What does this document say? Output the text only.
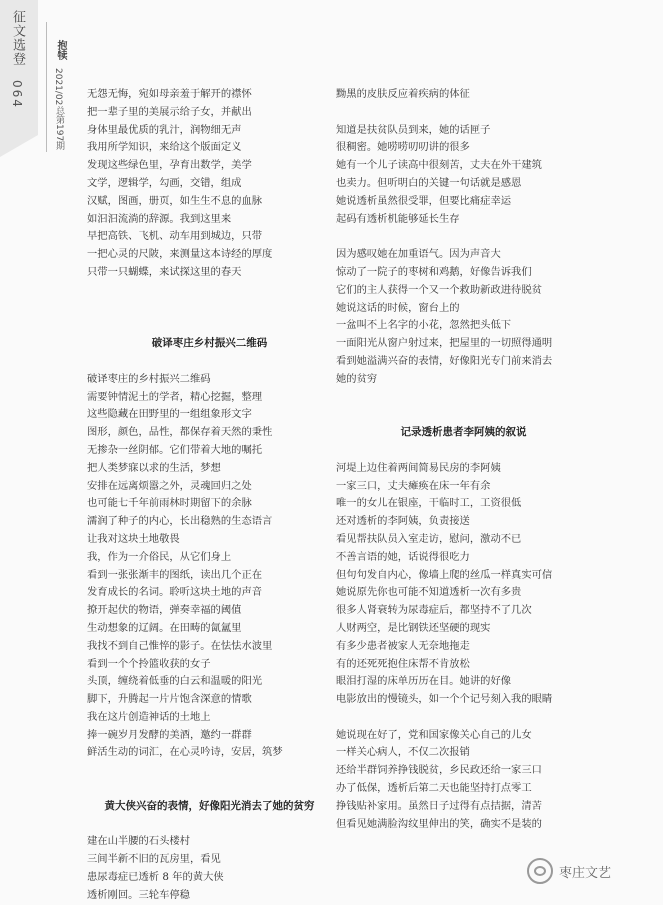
征文选登
064
抱犊
2021/02
总第197期

无怨无悔，宛如母亲羞于解开的襟怀

把一辈子里的美展示给子女，并献出

身体里最优质的乳汁，润物细无声

我用所学知识，来给这个版面定义

发现这些绿色里，孕育出数学，美学

文学，逻辑学，勾画，交错，组成

汉赋，图画，册页，如生生不息的血脉

如汩汩流淌的辞源。我到这里来

早把高铁、飞机、动车用到城边，只带

一把心灵的尺陂，来测量这本诗经的厚度

只带一只蝴蝶，来试探这里的春天

破译枣庄乡村振兴二维码

破译枣庄的乡村振兴二维码

需要钟情泥土的学者，精心挖掘，整理

这些隐藏在田野里的一组组象形文字

图形，颜色，品性，都保存着天然的秉性

无掺杂一丝阴郁。它们带着大地的嘱托

把人类梦寐以求的生活，梦想

安排在远离烦嚣之外，灵魂回归之处

也可能七千年前雨林时期留下的余脉

濡润了种子的内心，长出稳熟的生态语言

让我对这块土地敬畏

我，作为一介俗民，从它们身上

看到一张张渐丰的图纸，读出几个正在

发育成长的名词。聆听这块土地的声音

撩开起伏的物语，弹奏幸福的阈值

生动想象的辽阔。在田畴的氤氲里

我找不到自己惟悴的影子。在怯怯水波里

看到一个个拎篮收获的女子

头顶，缠绕着低垂的白云和温暖的阳光

脚下，升腾起一片片饱含深意的情歌

我在这片创造神话的土地上

捧一碗岁月发酵的美酒，邀约一群群

鲜活生动的词汇，在心灵吟诗，安居，筑梦

黄大侠兴奋的表情，好像阳光消去了她的贫穷

建在山半腰的石头楼村

三间半新不旧的瓦房里，看见

患尿毒症已透析 8 年的黄大侠

透析刚回。三轮车停稳

黝黑的皮肤反应着疾病的体征

知道是扶贫队员到来，她的话匣子

很稠密。她唠唠叨叨讲的很多

她有一个儿子读高中很刻苦，丈夫在外干建筑

也卖力。但听明白的关键一句话就是感恩

她说透析虽然很受罪，但要比痛症幸运

起码有透析机能够延长生存

因为感叹她在加重语气。因为声音大

惊动了一院子的枣树和鸡鹅，好像告诉我们

它们的主人获得一个又一个救助新政进待脱贫

她说这话的时候，窗台上的

一盆叫不上名字的小花，忽然把头低下

一面阳光从窗户射过来，把屋里的一切照得通明

看到她溢满兴奋的表情，好像阳光专门前来消去

她的贫穷

记录透析患者李阿姨的叙说

河堤上边住着两间简易民房的李阿姨

一家三口，丈夫瘫痪在床一年有余

唯一的女儿在银座，干临时工，工资很低

还对透析的李阿姨，负责接送

看见帮扶队员入室走访，慰问，激动不已

不善言语的她，话说得很吃力

但句句发自内心，像墙上爬的丝瓜一样真实可信

她说原先你也可能不知道透析一次有多贵

很多人肾衰转为尿毒症后，都坚持不了几次

人财两空，是比钢铁还坚硬的现实

有多少患者被家人无奈地拖走

有的还死死抱住床帮不肯放松

眼泪打湿的床单历历在目。她讲的好像

电影放出的慢镜头，如一个个记号刻入我的眼睛

她说现在好了，党和国家像关心自己的儿女

一样关心病人，不仅二次报销

还给半群饲养挣钱脱贫，乡民政还给一家三口

办了低保，透析后第二天也能坚持打点零工

挣钱贴补家用。虽然日子过得有点拮据，清苦

但看见她满脸沟纹里伸出的笑，确实不是装的

枣庄文艺
